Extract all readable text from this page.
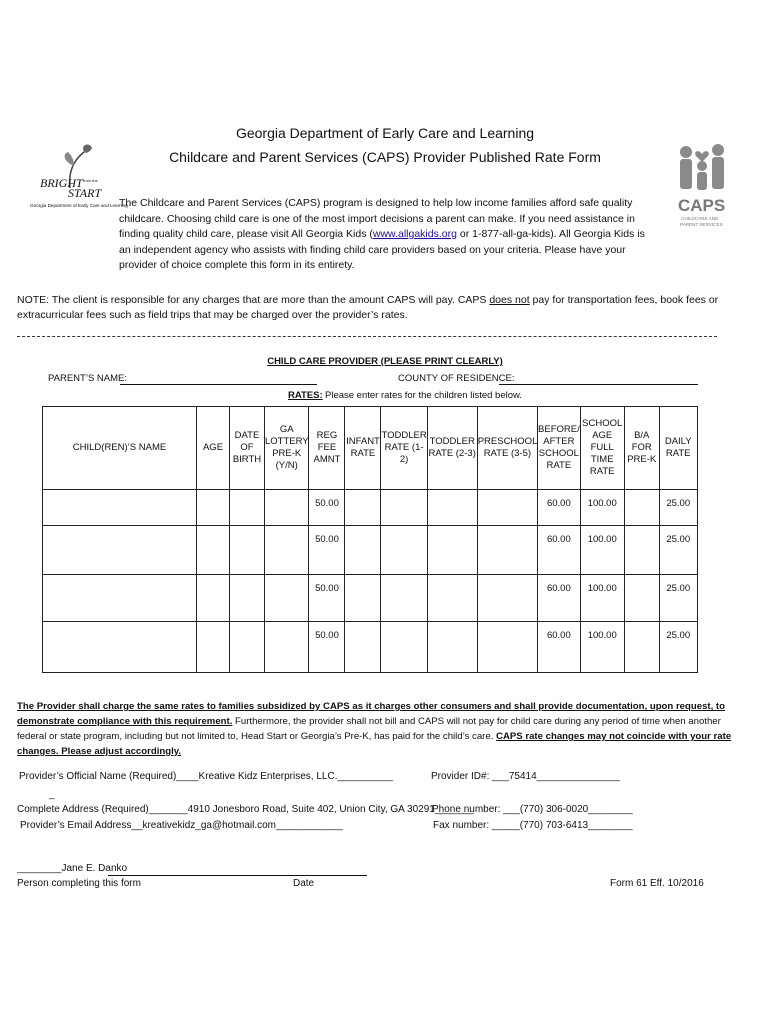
BRIGHT from the
START
Georgia Department of Early Care and Learning	CAPS
CHILDCARE AND
PARENT SERVICES
Georgia Department of Early Care and Learning
Childcare and Parent Services (CAPS) Provider Published Rate Form
The Childcare and Parent Services (CAPS) program is designed to help low income families afford safe quality childcare. Choosing child care is one of the most import decisions a parent can make. If you need assistance in finding quality child care, please visit All Georgia Kids (www.allgakids.org or 1-877-all-ga-kids). All Georgia Kids is an independent agency who assists with finding child care providers based on your criteria. Please have your provider of choice complete this form in its entirety.
NOTE: The client is responsible for any charges that are more than the amount CAPS will pay. CAPS does not pay for transportation fees, book fees or extracurricular fees such as field trips that may be charged over the provider’s rates.
CHILD CARE PROVIDER (PLEASE PRINT CLEARLY)
PARENT’S NAME:	COUNTY OF RESIDENCE:
RATES: Please enter rates for the children listed below.
CHILD(REN)’S NAME	AGE	DATE OF BIRTH	GA LOTTERY PRE-K (Y/N)	REG FEE AMNT	INFANT RATE	TODDLER RATE (1-2)	TODDLER RATE (2-3)	PRESCHOOL RATE (3-5)	BEFORE/ AFTER SCHOOL RATE	SCHOOL AGE FULL TIME RATE	B/A FOR PRE-K	DAILY RATE
				50.00					60.00	100.00		25.00
				50.00					60.00	100.00		25.00
				50.00					60.00	100.00		25.00
				50.00					60.00	100.00		25.00
The Provider shall charge the same rates to families subsidized by CAPS as it charges other consumers and shall provide documentation, upon request, to demonstrate compliance with this requirement. Furthermore, the provider shall not bill and CAPS will not pay for child care during any period of time when another federal or state program, including but not limited to, Head Start or Georgia’s Pre-K, has paid for the child’s care. CAPS rate changes may not coincide with your rate changes. Please adjust accordingly.
Provider’s Official Name (Required)____Kreative Kidz Enterprises, LLC.__________	Provider ID#: ___75414_______________
_
Complete Address (Required)_______4910 Jonesboro Road, Suite 402, Union City, GA 30291_______
Phone number: ___(770) 306-0020________
Provider’s Email Address__kreativekidz_ga@hotmail.com____________	Fax number: _____(770) 703-6413________
________Jane E. Danko
Person completing this form	Date	Form 61 Eff. 10/2016
